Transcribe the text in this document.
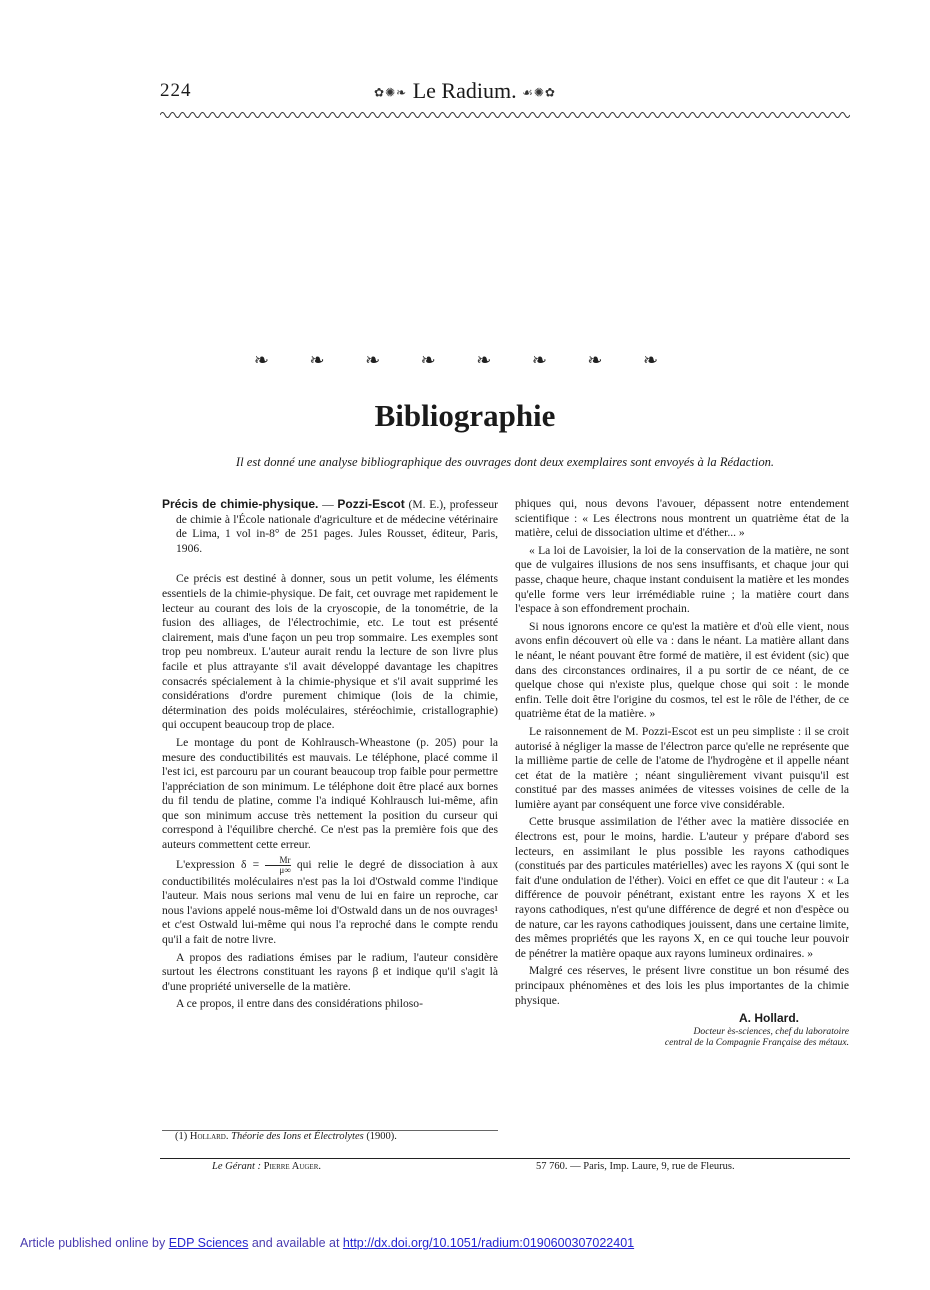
224	✿✺❧ Le Radium. ☙✺✿
❧ ❧ ❧ ❧ ❧ ❧ ❧ ❧
Bibliographie
Il est donné une analyse bibliographique des ouvrages dont deux exemplaires sont envoyés à la Rédaction.

Précis de chimie-physique. — Pozzi-Escot (M. E.), professeur de chimie à l'École nationale d'agriculture et de médecine vétérinaire de Lima, 1 vol in-8° de 251 pages. Jules Rousset, éditeur, Paris, 1906.

Ce précis est destiné à donner, sous un petit volume, les éléments essentiels de la chimie-physique. De fait, cet ouvrage met rapidement le lecteur au courant des lois de la cryoscopie, de la tonométrie, de la fusion des alliages, de l'électrochimie, etc. Le tout est présenté clairement, mais d'une façon un peu trop sommaire. Les exemples sont trop peu nombreux. L'auteur aurait rendu la lecture de son livre plus facile et plus attrayante s'il avait développé davantage les chapitres consacrés spécialement à la chimie-physique et s'il avait supprimé les considérations d'ordre purement chimique (lois de la chimie, détermination des poids moléculaires, stéréochimie, cristallographie) qui occupent beaucoup trop de place.

Le montage du pont de Kohlrausch-Wheastone (p. 205) pour la mesure des conductibilités est mauvais. Le téléphone, placé comme il l'est ici, est parcouru par un courant beaucoup trop faible pour permettre l'appréciation de son minimum. Le téléphone doit être placé aux bornes du fil tendu de platine, comme l'a indiqué Kohlrausch lui-même, afin que son minimum accuse très nettement la position du curseur qui correspond à l'équilibre cherché. Ce n'est pas la première fois que des auteurs commettent cette erreur.

L'expression $\delta = \frac{Mr}{\mu\infty}$ qui relie le degré de dissociation à aux conductibilités moléculaires n'est pas la loi d'Ostwald comme l'indique l'auteur. Mais nous serions mal venu de lui en faire un reproche, car nous l'avions appelé nous-même loi d'Ostwald dans un de nos ouvrages¹ et c'est Ostwald lui-même qui nous l'a reproché dans le compte rendu qu'il a fait de notre livre.

A propos des radiations émises par le radium, l'auteur considère surtout les électrons constituant les rayons β et indique qu'il s'agit là d'une propriété universelle de la matière.

A ce propos, il entre dans des considérations philoso-

phiques qui, nous devons l'avouer, dépassent notre entendement scientifique : « Les électrons nous montrent un quatrième état de la matière, celui de dissociation ultime et d'éther... »

« La loi de Lavoisier, la loi de la conservation de la matière, ne sont que de vulgaires illusions de nos sens insuffisants, et chaque jour qui passe, chaque heure, chaque instant conduisent la matière et les mondes qu'elle forme vers leur irrémédiable ruine ; la matière court dans l'espace à son effondrement prochain.

Si nous ignorons encore ce qu'est la matière et d'où elle vient, nous avons enfin découvert où elle va : dans le néant. La matière allant dans le néant, le néant pouvant être formé de matière, il est évident (sic) que dans des circonstances ordinaires, il a pu sortir de ce néant, de ce quelque chose qui n'existe plus, quelque chose qui soit : le monde enfin. Telle doit être l'origine du cosmos, tel est le rôle de l'éther, de ce quatrième état de la matière. »

Le raisonnement de M. Pozzi-Escot est un peu simpliste : il se croit autorisé à négliger la masse de l'électron parce qu'elle ne représente que la millième partie de celle de l'atome de l'hydrogène et il appelle néant cet état de la matière ; néant singulièrement vivant puisqu'il est constitué par des masses animées de vitesses voisines de celle de la lumière ayant par conséquent une force vive considérable.

Cette brusque assimilation de l'éther avec la matière dissociée en électrons est, pour le moins, hardie. L'auteur y prépare d'abord ses lecteurs, en assimilant le plus possible les rayons cathodiques (constitués par des particules matérielles) avec les rayons X (qui sont le fait d'une ondulation de l'éther). Voici en effet ce que dit l'auteur : « La différence de pouvoir pénétrant, existant entre les rayons X et les rayons cathodiques, n'est qu'une différence de degré et non d'espèce ou de nature, car les rayons cathodiques jouissent, dans une certaine limite, des mêmes propriétés que les rayons X, en ce qui touche leur pouvoir de pénétrer la matière opaque aux rayons lumineux ordinaires. »

Malgré ces réserves, le présent livre constitue un bon résumé des principaux phénomènes et des lois les plus importantes de la chimie physique.

A. Hollard.
Docteur ès-sciences, chef du laboratoire
central de la Compagnie Française des métaux.
(1) Hollard. Théorie des Ions et Électrolytes (1900).
Le Gérant : Pierre Auger.	57 760. — Paris, Imp. Laure, 9, rue de Fleurus.
Article published online by EDP Sciences and available at http://dx.doi.org/10.1051/radium:0190600307022401
